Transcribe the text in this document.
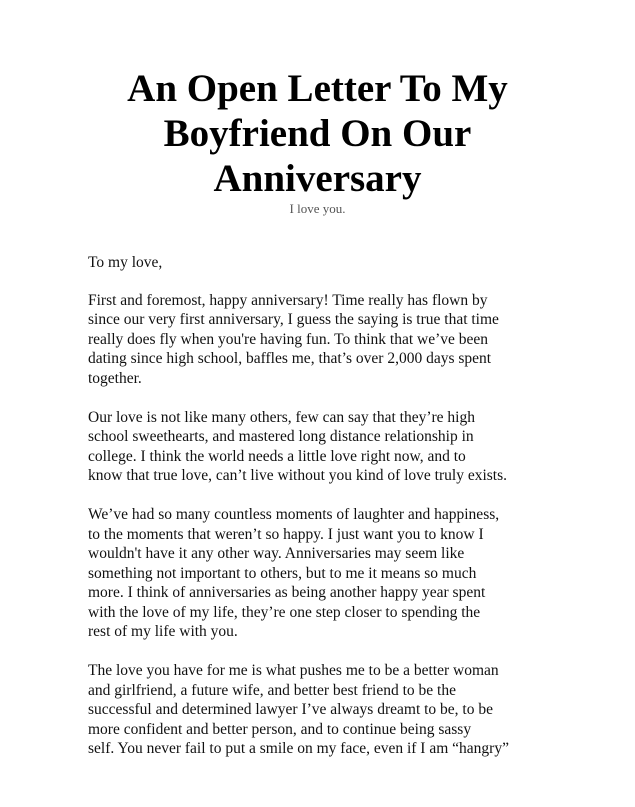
An Open Letter To My
Boyfriend On Our
Anniversary
I love you.

To my love,

First and foremost, happy anniversary! Time really has flown by
since our very first anniversary, I guess the saying is true that time
really does fly when you're having fun. To think that we’ve been
dating since high school, baffles me, that’s over 2,000 days spent
together.

Our love is not like many others, few can say that they’re high
school sweethearts, and mastered long distance relationship in
college. I think the world needs a little love right now, and to
know that true love, can’t live without you kind of love truly exists.

We’ve had so many countless moments of laughter and happiness,
to the moments that weren’t so happy. I just want you to know I
wouldn't have it any other way. Anniversaries may seem like
something not important to others, but to me it means so much
more. I think of anniversaries as being another happy year spent
with the love of my life, they’re one step closer to spending the
rest of my life with you.

The love you have for me is what pushes me to be a better woman
and girlfriend, a future wife, and better best friend to be the
successful and determined lawyer I’ve always dreamt to be, to be
more confident and better person, and to continue being sassy
self. You never fail to put a smile on my face, even if I am “hangry”
